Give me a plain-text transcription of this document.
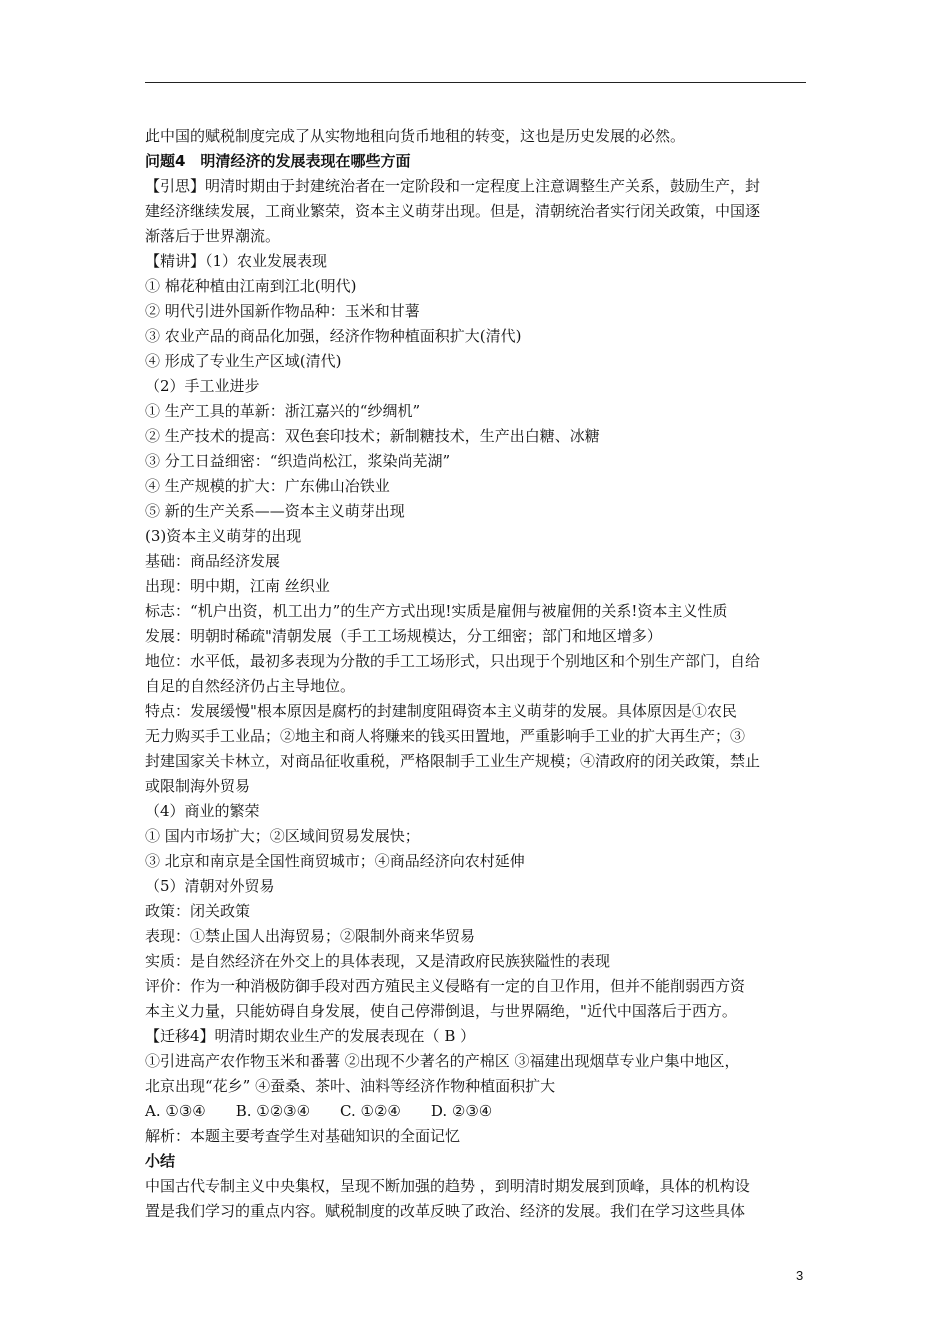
此中国的赋税制度完成了从实物地租向货币地租的转变，这也是历史发展的必然。
问题4　明清经济的发展表现在哪些方面
【引思】明清时期由于封建统治者在一定阶段和一定程度上注意调整生产关系，鼓励生产，封
建经济继续发展，工商业繁荣，资本主义萌芽出现。但是，清朝统治者实行闭关政策，中国逐
渐落后于世界潮流。
【精讲】（1）农业发展表现
① 棉花种植由江南到江北(明代)
② 明代引进外国新作物品种：玉米和甘薯
③ 农业产品的商品化加强，经济作物种植面积扩大(清代)
④ 形成了专业生产区域(清代)
（2）手工业进步
① 生产工具的革新：浙江嘉兴的“纱绸机”
② 生产技术的提高：双色套印技术；新制糖技术，生产出白糖、冰糖
③ 分工日益细密：“织造尚松江，浆染尚芜湖”
④ 生产规模的扩大：广东佛山冶铁业
⑤ 新的生产关系——资本主义萌芽出现
(3)资本主义萌芽的出现
基础：商品经济发展
出现：明中期，江南 丝织业
标志：“机户出资，机工出力”的生产方式出现!实质是雇佣与被雇佣的关系!资本主义性质
发展：明朝时稀疏"清朝发展（手工工场规模达，分工细密；部门和地区增多）
地位：水平低，最初多表现为分散的手工工场形式，只出现于个别地区和个别生产部门，自给
自足的自然经济仍占主导地位。
特点：发展缓慢"根本原因是腐朽的封建制度阻碍资本主义萌芽的发展。具体原因是①农民
无力购买手工业品；②地主和商人将赚来的钱买田置地，严重影响手工业的扩大再生产；③
封建国家关卡林立，对商品征收重税，严格限制手工业生产规模；④清政府的闭关政策，禁止
或限制海外贸易
（4）商业的繁荣
① 国内市场扩大；②区域间贸易发展快；
③ 北京和南京是全国性商贸城市；④商品经济向农村延伸
（5）清朝对外贸易
政策：闭关政策
表现：①禁止国人出海贸易；②限制外商来华贸易
实质：是自然经济在外交上的具体表现，又是清政府民族狭隘性的表现
评价：作为一种消极防御手段对西方殖民主义侵略有一定的自卫作用，但并不能削弱西方资
本主义力量，只能妨碍自身发展，使自己停滞倒退，与世界隔绝，"近代中国落后于西方。
【迁移4】明清时期农业生产的发展表现在（ B ）
①引进高产农作物玉米和番薯 ②出现不少著名的产棉区 ③福建出现烟草专业户集中地区，
北京出现“花乡” ④蚕桑、茶叶、油料等经济作物种植面积扩大
A. ①③④　　B. ①②③④　　C. ①②④　　D. ②③④
解析：本题主要考查学生对基础知识的全面记忆
小结
中国古代专制主义中央集权，呈现不断加强的趋势 ，到明清时期发展到顶峰，具体的机构设
置是我们学习的重点内容。赋税制度的改革反映了政治、经济的发展。我们在学习这些具体
3
